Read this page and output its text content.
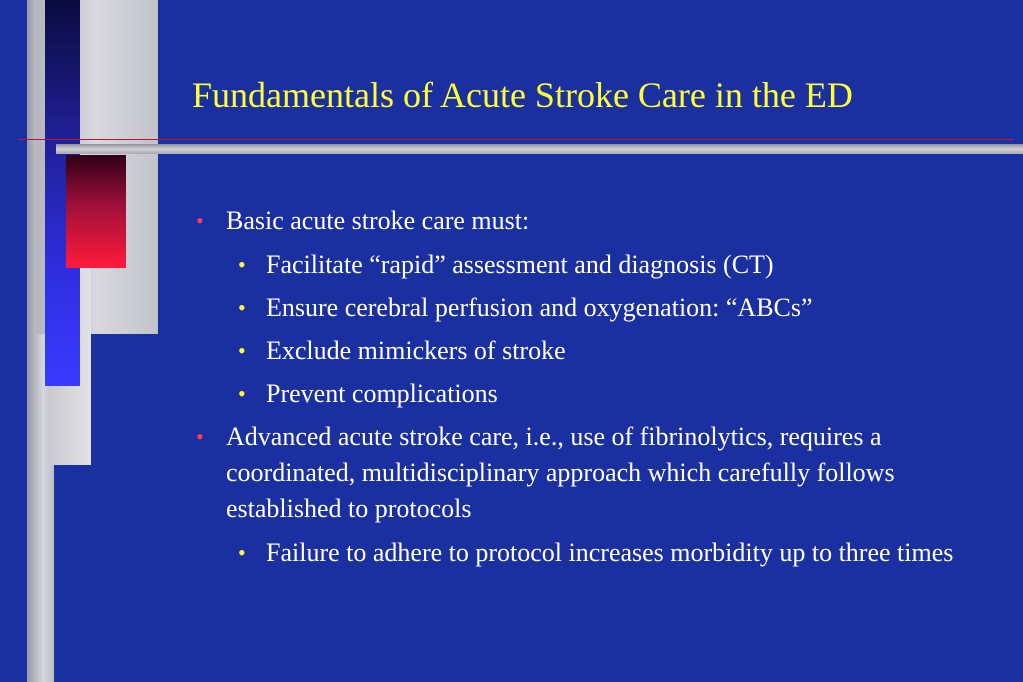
Fundamentals of Acute Stroke Care in the ED
• Basic acute stroke care must:
• Facilitate “rapid” assessment and diagnosis (CT)
• Ensure cerebral perfusion and oxygenation: “ABCs”
• Exclude mimickers of stroke
• Prevent complications
• Advanced acute stroke care, i.e., use of fibrinolytics, requires a coordinated, multidisciplinary approach which carefully follows established to protocols
• Failure to adhere to protocol increases morbidity up to three times
